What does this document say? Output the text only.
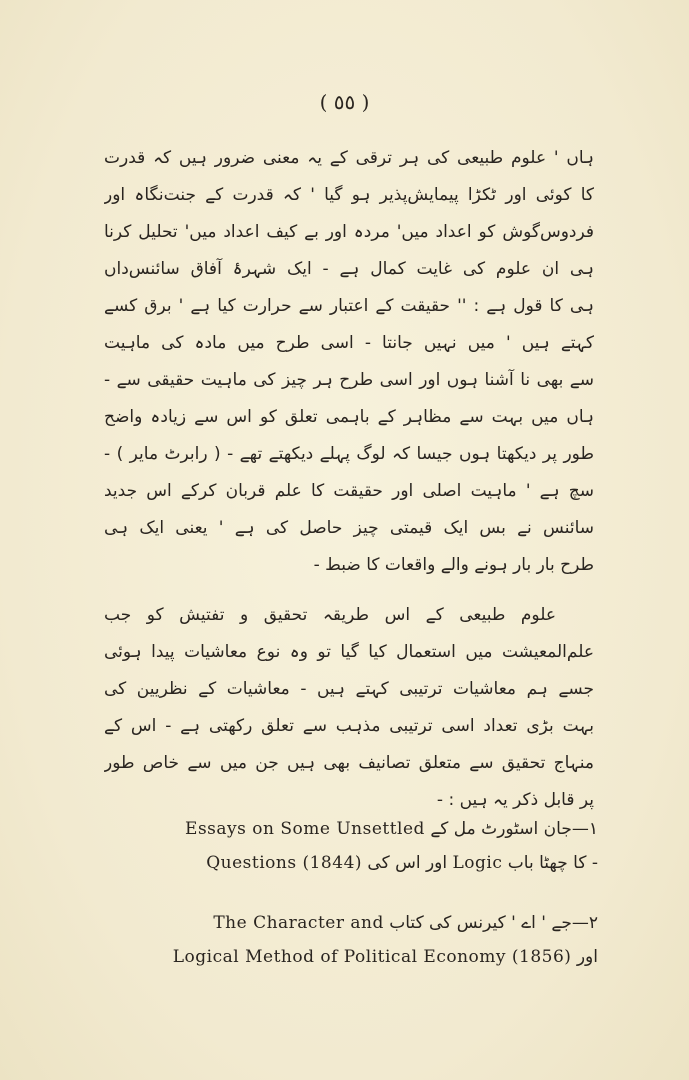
( ٥٥ )
ہاں ' علوم طبیعی کی ہر ترقی کے یہ معنی ضرور ہیں کہ قدرت
کا کوئی اور ٹکڑا پیمایش‌پذیر ہو گیا ' کہ قدرت کے جنت‌نگاہ اور
فردوس‌گوش کو اعداد میں' مردہ اور بے کیف اعداد میں' تحلیل کرنا
ہی ان علوم کی غایت کمال ہے - ایک شہرۂ آفاق سائنس‌داں
ہی کا قول ہے : '' حقیقت کے اعتبار سے حرارت کیا ہے ' برق کسے
کہتے ہیں ' میں نہیں جانتا - اسی طرح میں مادہ کی ماہیت
سے بھی نا آشنا ہوں اور اسی طرح ہر چیز کی ماہیت حقیقی سے -
ہاں میں بہت سے مظاہر کے باہمی تعلق کو اس سے زیادہ واضح
طور پر دیکھتا ہوں جیسا کہ لوگ پہلے دیکھتے تھے - ( رابرٹ مایر ) -
سچ ہے ' ماہیت اصلی اور حقیقت کا علم قربان کرکے اس جدید
سائنس نے بس ایک قیمتی چیز حاصل کی ہے ' یعنی ایک ہی
طرح بار بار ہونے والے واقعات کا ضبط -
علوم طبیعی کے اس طریقہ تحقیق و تفتیش کو جب
علم‌المعیشت میں استعمال کیا گیا تو وہ نوع معاشیات پیدا ہوئی
جسے ہم معاشیات ترتیبی کہتے ہیں - معاشیات کے نظریین کی
بہت بڑی تعداد اسی ترتیبی مذہب سے تعلق رکھتی ہے - اس کے
منہاج تحقیق سے متعلق تصانیف بھی ہیں جن میں سے خاص طور
پر قابل ذکر یہ ہیں : -
١—جان اسٹورٹ مل کے Essays on Some Unsettled
Questions (1844) اور اس کی Logic کا چھٹا باب -
٢—جے ' اے ' کیرنس کی کتاب The Character and
Logical Method of Political Economy (1856) اور
